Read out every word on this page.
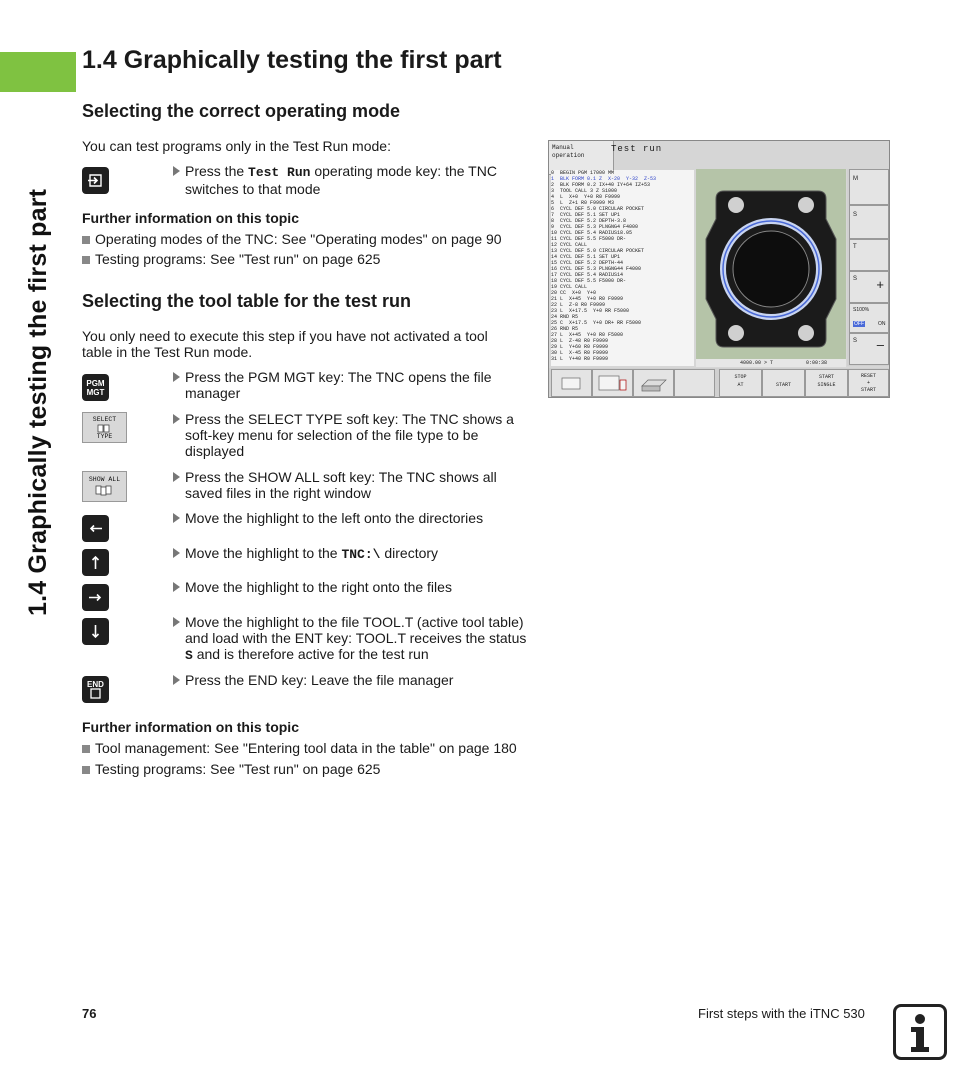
1.4 Graphically testing the first part
1.4 Graphically testing the first part
Selecting the correct operating mode
You can test programs only in the Test Run mode:
Press the Test Run operating mode key: the TNC switches to that mode
Further information on this topic
Operating modes of the TNC: See "Operating modes" on page 90
Testing programs: See "Test run" on page 625
Selecting the tool table for the test run
You only need to execute this step if you have not activated a tool table in the Test Run mode.
PGM
MGT
Press the PGM MGT key: The TNC opens the file manager
SELECT
TYPE
Press the SELECT TYPE soft key: The TNC shows a soft-key menu for selection of the file type to be displayed
SHOW ALL	Press the SHOW ALL soft key: The TNC shows all saved files in the right window
Move the highlight to the left onto the directories
Move the highlight to the TNC:\ directory
Move the highlight to the right onto the files
Move the highlight to the file TOOL.T (active tool table) and load with the ENT key: TOOL.T receives the status S and is therefore active for the test run
END	Press the END key: Leave the file manager
Further information on this topic
Tool management: See "Entering tool data in the table" on page 180
Testing programs: See "Test run" on page 625
Manual
operation
Test run
0  BEGIN PGM 17000 MM
1  BLK FORM 0.1 Z  X-20  Y-32  Z-53
2  BLK FORM 0.2 IX+40 IY+64 IZ+53
3  TOOL CALL 3 Z S1000
4  L  X+0  Y+0 R0 F9999
5  L  Z+1 R0 F9999 M3
6  CYCL DEF 5.0 CIRCULAR POCKET
7  CYCL DEF 5.1 SET UP1
8  CYCL DEF 5.2 DEPTH-3.8
9  CYCL DEF 5.3 PLNGNG4 F4000
10 CYCL DEF 5.4 RADIUS18.05
11 CYCL DEF 5.5 F5000 DR-
12 CYCL CALL
13 CYCL DEF 5.0 CIRCULAR POCKET
14 CYCL DEF 5.1 SET UP1
15 CYCL DEF 5.2 DEPTH-44
16 CYCL DEF 5.3 PLNGNG44 F4000
17 CYCL DEF 5.4 RADIUS14
18 CYCL DEF 5.5 F5000 DR-
19 CYCL CALL
20 CC  X+0  Y+0
21 L  X+45  Y+0 R0 F9999
22 L  Z-8 R0 F9999
23 L  X+17.5  Y+0 RR F5000
24 RND R5
25 C  X+17.5  Y+0 DR+ RR F5000
26 RND R5
27 L  X+45  Y+0 R0 F5000
28 L  Z-48 R0 F9999
29 L  Y+60 R0 F9999
30 L  X-45 R0 F9999
31 L  Y+40 R0 F9999
4000.00 > T	0:00:38
M
S
T
S +
S100%
OFF	ON
S –
STOP
AT	START
START
SINGLE
RESET
+
START
76	First steps with the iTNC 530
